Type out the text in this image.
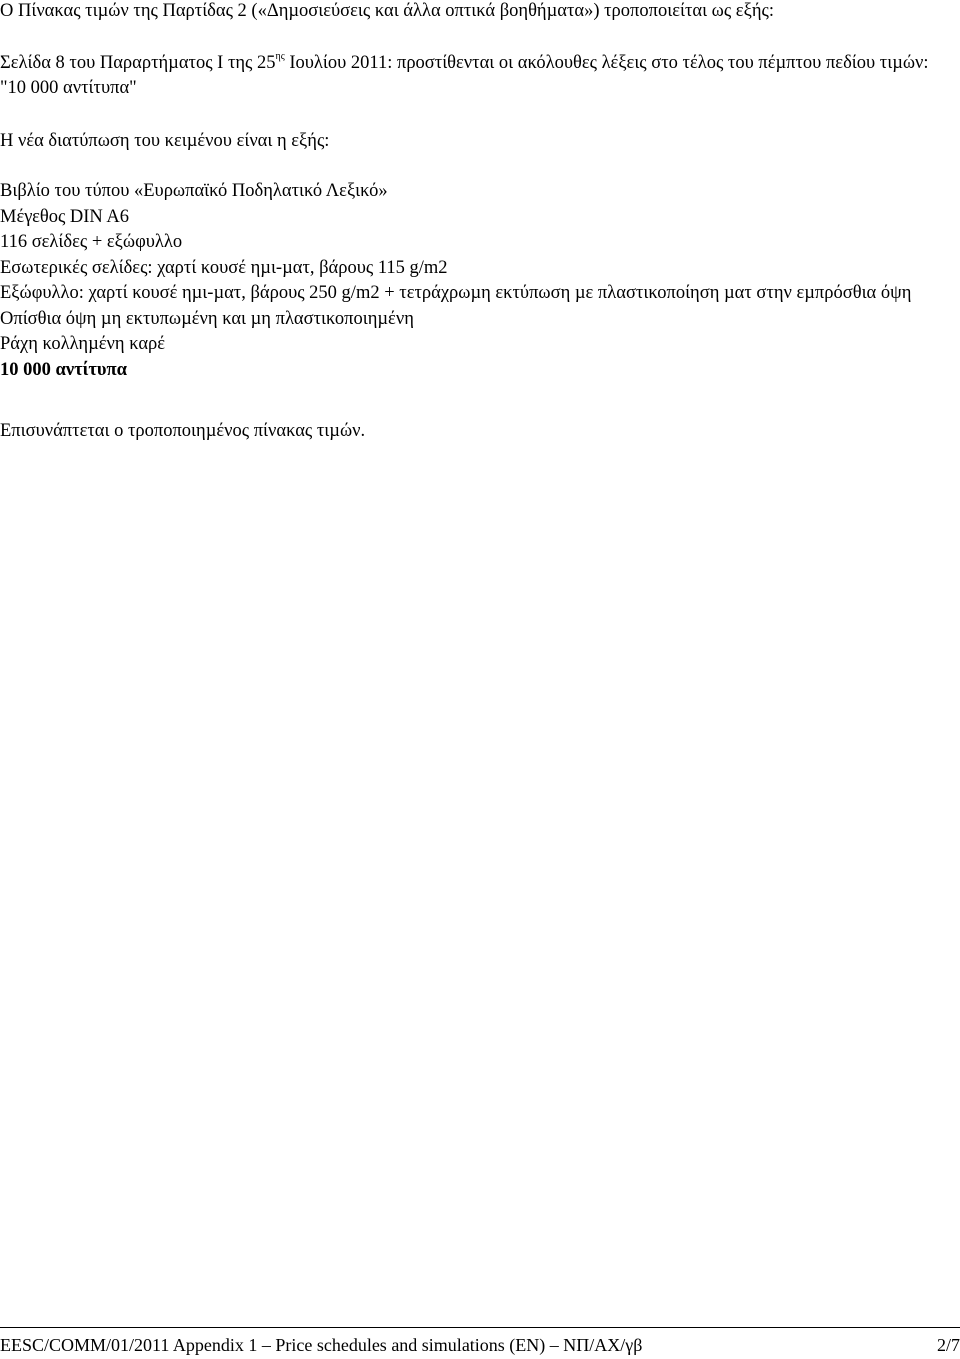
Ο Πίνακας τιµών της Παρτίδας 2 («Δηµοσιεύσεις και άλλα οπτικά βοηθήµατα») τροποποιείται ως εξής:

Σελίδα 8 του Παραρτήµατος I της $25^{\eta\varsigma}$ Ιουλίου 2011: προστίθενται οι ακόλουθες λέξεις στο τέλος του πέµπτου πεδίου τιµών: "10 000 αντίτυπα"

Η νέα διατύπωση του κειµένου είναι η εξής:

Βιβλίο του τύπου «Ευρωπαϊκό Ποδηλατικό Λεξικό»
Μέγεθος DIN A6
116 σελίδες + εξώφυλλο
Εσωτερικές σελίδες: χαρτί κουσέ ηµι-µατ, βάρους 115 g/m2
Εξώφυλλο: χαρτί κουσέ ηµι-µατ, βάρους 250 g/m2 + τετράχρωµη εκτύπωση µε πλαστικοποίηση µατ στην εµπρόσθια όψη
Οπίσθια όψη µη εκτυπωµένη και µη πλαστικοποιηµένη
Ράχη κολληµένη καρέ
10 000 αντίτυπα

Επισυνάπτεται ο τροποποιηµένος πίνακας τιµών.

EESC/COMM/01/2011 Appendix 1 – Price schedules and simulations (EN) – ΝΠ/ΑΧ/γβ	2/7
